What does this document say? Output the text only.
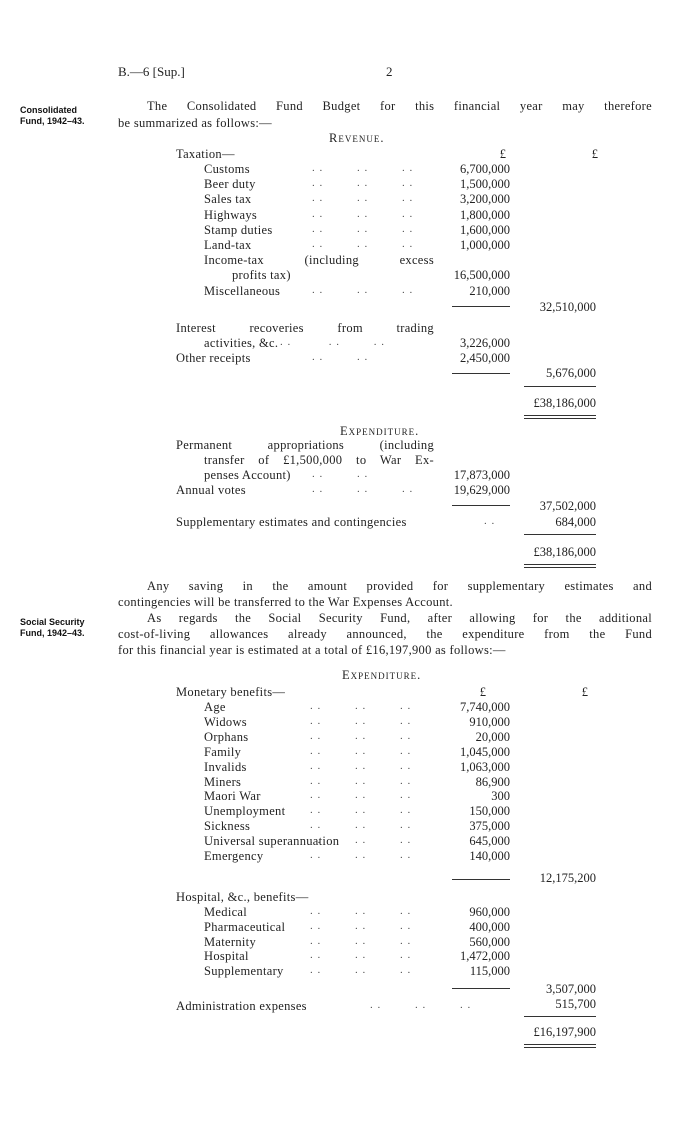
B.—6 [Sup.]	2
Consolidated
Fund, 1942–43.
The Consolidated Fund Budget for this financial year may therefore
be summarized as follows:—
Revenue.
Taxation—	£	£
Customs	. .         . .         . .	6,700,000
Beer duty	. .         . .         . .	1,500,000
Sales tax	. .         . .         . .	3,200,000
Highways	. .         . .         . .	1,800,000
Stamp duties	. .         . .         . .	1,600,000
Land-tax	. .         . .         . .	1,000,000
Income-tax (including excess
profits tax)	16,500,000
Miscellaneous	. .         . .         . .	210,000
32,510,000
Interest recoveries from trading
activities, &c. . .          . .         . .	3,226,000
Other receipts	. .         . .	2,450,000
5,676,000
£38,186,000
Expenditure.
Permanent appropriations (including
transfer of £1,500,000 to War Ex-
penses Account) . .         . .	17,873,000
Annual votes	. .         . .         . .	19,629,000
37,502,000
Supplementary estimates and contingencies	. .	684,000
£38,186,000
Any saving in the amount provided for supplementary estimates and
contingencies will be transferred to the War Expenses Account.
As regards the Social Security Fund, after allowing for the additional
cost-of-living allowances already announced, the expenditure from the Fund
for this financial year is estimated at a total of £16,197,900 as follows:—
Social Security
Fund, 1942–43.
Expenditure.
Monetary benefits—	£	£
Age	. .         . .         . .	7,740,000
Widows	. .         . .         . .	910,000
Orphans	. .         . .         . .	20,000
Family	. .         . .         . .	1,045,000
Invalids	. .         . .         . .	1,063,000
Miners	. .         . .         . .	86,900
Maori War	. .         . .         . .	300
Unemployment . .         . .         . .	150,000
Sickness	. .         . .         . .	375,000
Universal superannuation
. .         . .         . .	645,000
Emergency	. .         . .         . .	140,000
12,175,200
Hospital, &c., benefits—
Medical	. .         . .         . .	960,000
Pharmaceutical . .         . .         . .	400,000
Maternity	. .         . .         . .	560,000
Hospital	. .         . .         . .	1,472,000
Supplementary . .         . .         . .	115,000
3,507,000
Administration expenses	. .         . .         . .	515,700
£16,197,900
